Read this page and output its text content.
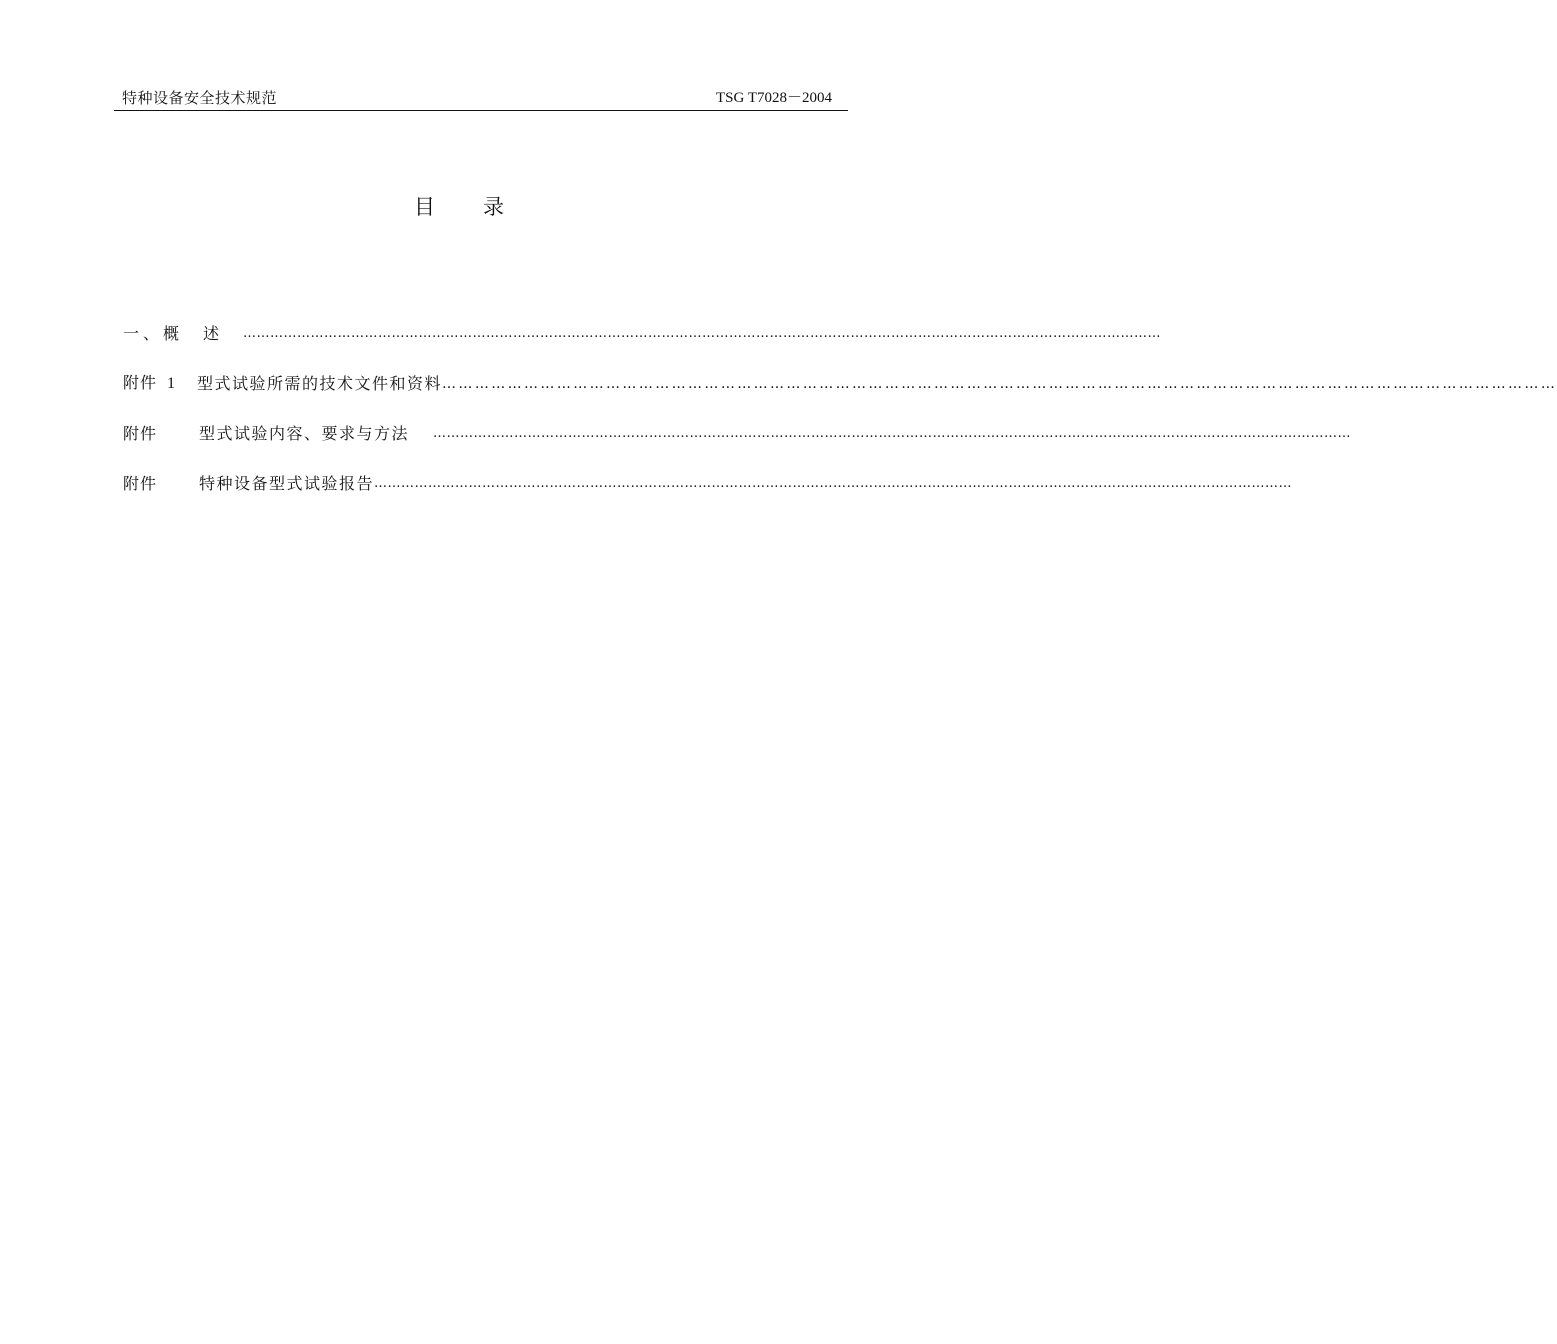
特种设备安全技术规范	TSG T7028－2004
目录
一、概　述	……………………………………………………………………………………………………………………………………………………………………………………
附件 1	型式试验所需的技术文件和资料 ……………………………………………………………………………………………………………………………………………………………………………………
附件	型式试验内容、要求与方法 ……………………………………………………………………………………………………………………………………………………………………………………
附件	特种设备型式试验报告 ……………………………………………………………………………………………………………………………………………………………………………………
